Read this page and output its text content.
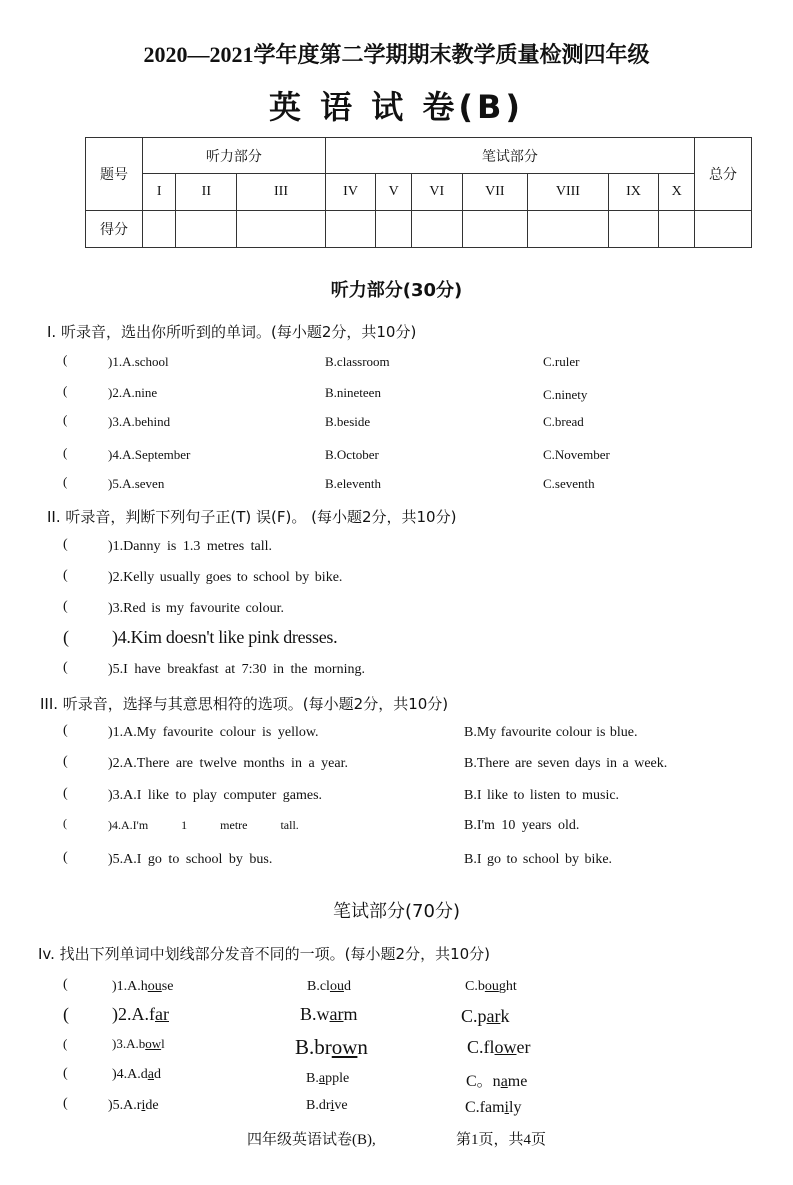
2020—2021学年度第二学期期末教学质量检测四年级
英 语 试 卷(B)
题号	听力部分			笔试部分							总分
	I	II	III	IV	V	VI	VII	VIII	IX	X	
得分											
听力部分(30分)
I. 听录音，选出你所听到的单词。(每小题2分，共10分)
(	)1.A.school	B.classroom	C.ruler
(	)2.A.nine	B.nineteen	C.ninety
(	)3.A.behind	B.beside	C.bread
(	)4.A.September	B.October	C.November
(	)5.A.seven	B.eleventh	C.seventh
II. 听录音，判断下列句子正(T) 误(F)。 (每小题2分，共10分)
(	)1.Danny is 1.3 metres tall.
(	)2.Kelly usually goes to school by bike.
(	)3.Red is my favourite colour.
( )4.Kim doesn't like pink dresses.
(	)5.I have breakfast at 7:30 in the morning.
III. 听录音，选择与其意思相符的选项。(每小题2分，共10分)
(	)1.A.My favourite colour is yellow.	B.My favourite colour is blue.
(	)2.A.There are twelve months in a year.	B.There are seven days in a week.
(	)3.A.I like to play computer games.	B.I like to listen to music.
(	)4.A.I'm   1   metre   tall.	B.I'm 10 years old.
(	)5.A.I go to school by bus.	B.I go to school by bike.
笔试部分(70分)
Iv. 找出下列单词中划线部分发音不同的一项。(每小题2分，共10分)
(	)1.A.house	B.cloud	C.bought
( )2.A.far	B.warm	C.park
(	)3.A.bowl	B.brown	C.flower
(	)4.A.dad	B.apple	C。name
(	)5.A.ride	B.drive	C.family
四年级英语试卷(B),	第1页，共4页
